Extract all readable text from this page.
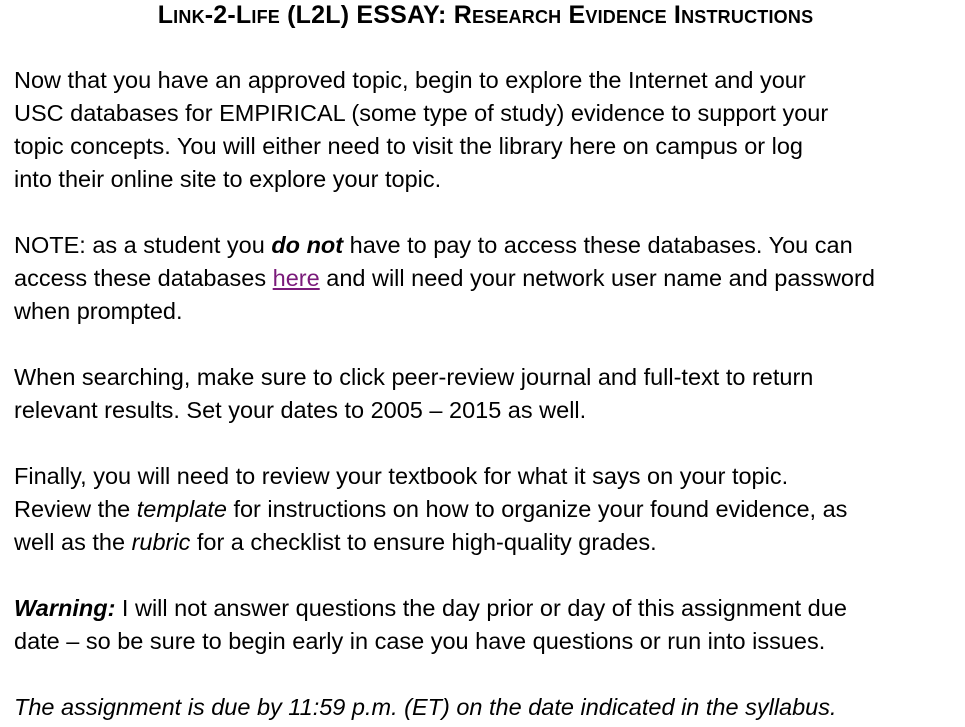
Link-2-Life (L2L) ESSAY: Research Evidence Instructions

Now that you have an approved topic, begin to explore the Internet and your
USC databases for EMPIRICAL (some type of study) evidence to support your
topic concepts. You will either need to visit the library here on campus or log
into their online site to explore your topic.

NOTE: as a student you do not have to pay to access these databases. You can
access these databases here and will need your network user name and password
when prompted.

When searching, make sure to click peer-review journal and full-text to return
relevant results. Set your dates to 2005 – 2015 as well.

Finally, you will need to review your textbook for what it says on your topic.
Review the template for instructions on how to organize your found evidence, as
well as the rubric for a checklist to ensure high-quality grades.

Warning: I will not answer questions the day prior or day of this assignment due
date – so be sure to begin early in case you have questions or run into issues.

The assignment is due by 11:59 p.m. (ET) on the date indicated in the syllabus.
